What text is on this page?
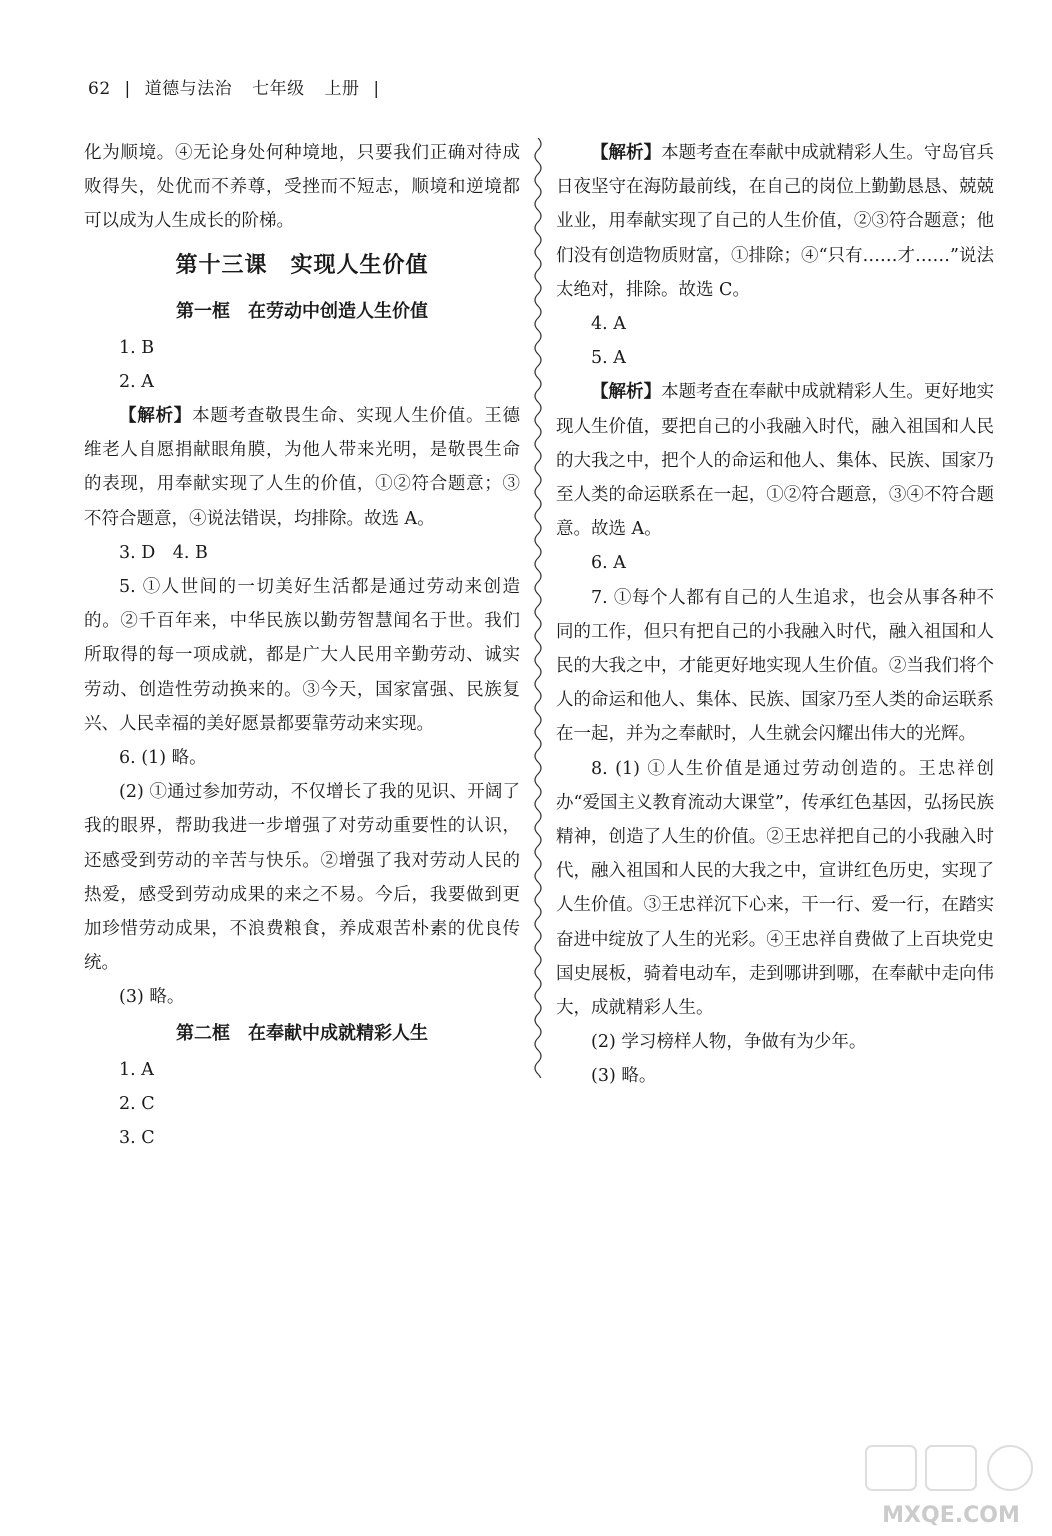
62 | 道德与法治 七年级 上册 |

化为顺境。④无论身处何种境地，只要我们正确对待成败得失，处优而不养尊，受挫而不短志，顺境和逆境都可以成为人生成长的阶梯。

第十三课　实现人生价值

第一框　在劳动中创造人生价值

1. B

2. A

【解析】本题考查敬畏生命、实现人生价值。王德维老人自愿捐献眼角膜，为他人带来光明，是敬畏生命的表现，用奉献实现了人生的价值，①②符合题意；③不符合题意，④说法错误，均排除。故选 A。

3. D　4. B

5. ①人世间的一切美好生活都是通过劳动来创造的。②千百年来，中华民族以勤劳智慧闻名于世。我们所取得的每一项成就，都是广大人民用辛勤劳动、诚实劳动、创造性劳动换来的。③今天，国家富强、民族复兴、人民幸福的美好愿景都要靠劳动来实现。

6. (1) 略。

(2) ①通过参加劳动，不仅增长了我的见识、开阔了我的眼界，帮助我进一步增强了对劳动重要性的认识，还感受到劳动的辛苦与快乐。②增强了我对劳动人民的热爱，感受到劳动成果的来之不易。今后，我要做到更加珍惜劳动成果，不浪费粮食，养成艰苦朴素的优良传统。

(3) 略。

第二框　在奉献中成就精彩人生

1. A

2. C

3. C

【解析】本题考查在奉献中成就精彩人生。守岛官兵日夜坚守在海防最前线，在自己的岗位上勤勤恳恳、兢兢业业，用奉献实现了自己的人生价值，②③符合题意；他们没有创造物质财富，①排除；④“只有……才……”说法太绝对，排除。故选 C。

4. A

5. A

【解析】本题考查在奉献中成就精彩人生。更好地实现人生价值，要把自己的小我融入时代，融入祖国和人民的大我之中，把个人的命运和他人、集体、民族、国家乃至人类的命运联系在一起，①②符合题意，③④不符合题意。故选 A。

6. A

7. ①每个人都有自己的人生追求，也会从事各种不同的工作，但只有把自己的小我融入时代，融入祖国和人民的大我之中，才能更好地实现人生价值。②当我们将个人的命运和他人、集体、民族、国家乃至人类的命运联系在一起，并为之奉献时，人生就会闪耀出伟大的光辉。

8. (1) ①人生价值是通过劳动创造的。王忠祥创办“爱国主义教育流动大课堂”，传承红色基因，弘扬民族精神，创造了人生的价值。②王忠祥把自己的小我融入时代，融入祖国和人民的大我之中，宣讲红色历史，实现了人生价值。③王忠祥沉下心来，干一行、爱一行，在踏实奋进中绽放了人生的光彩。④王忠祥自费做了上百块党史国史展板，骑着电动车，走到哪讲到哪，在奉献中走向伟大，成就精彩人生。

(2) 学习榜样人物，争做有为少年。

(3) 略。

MXQE.COM
